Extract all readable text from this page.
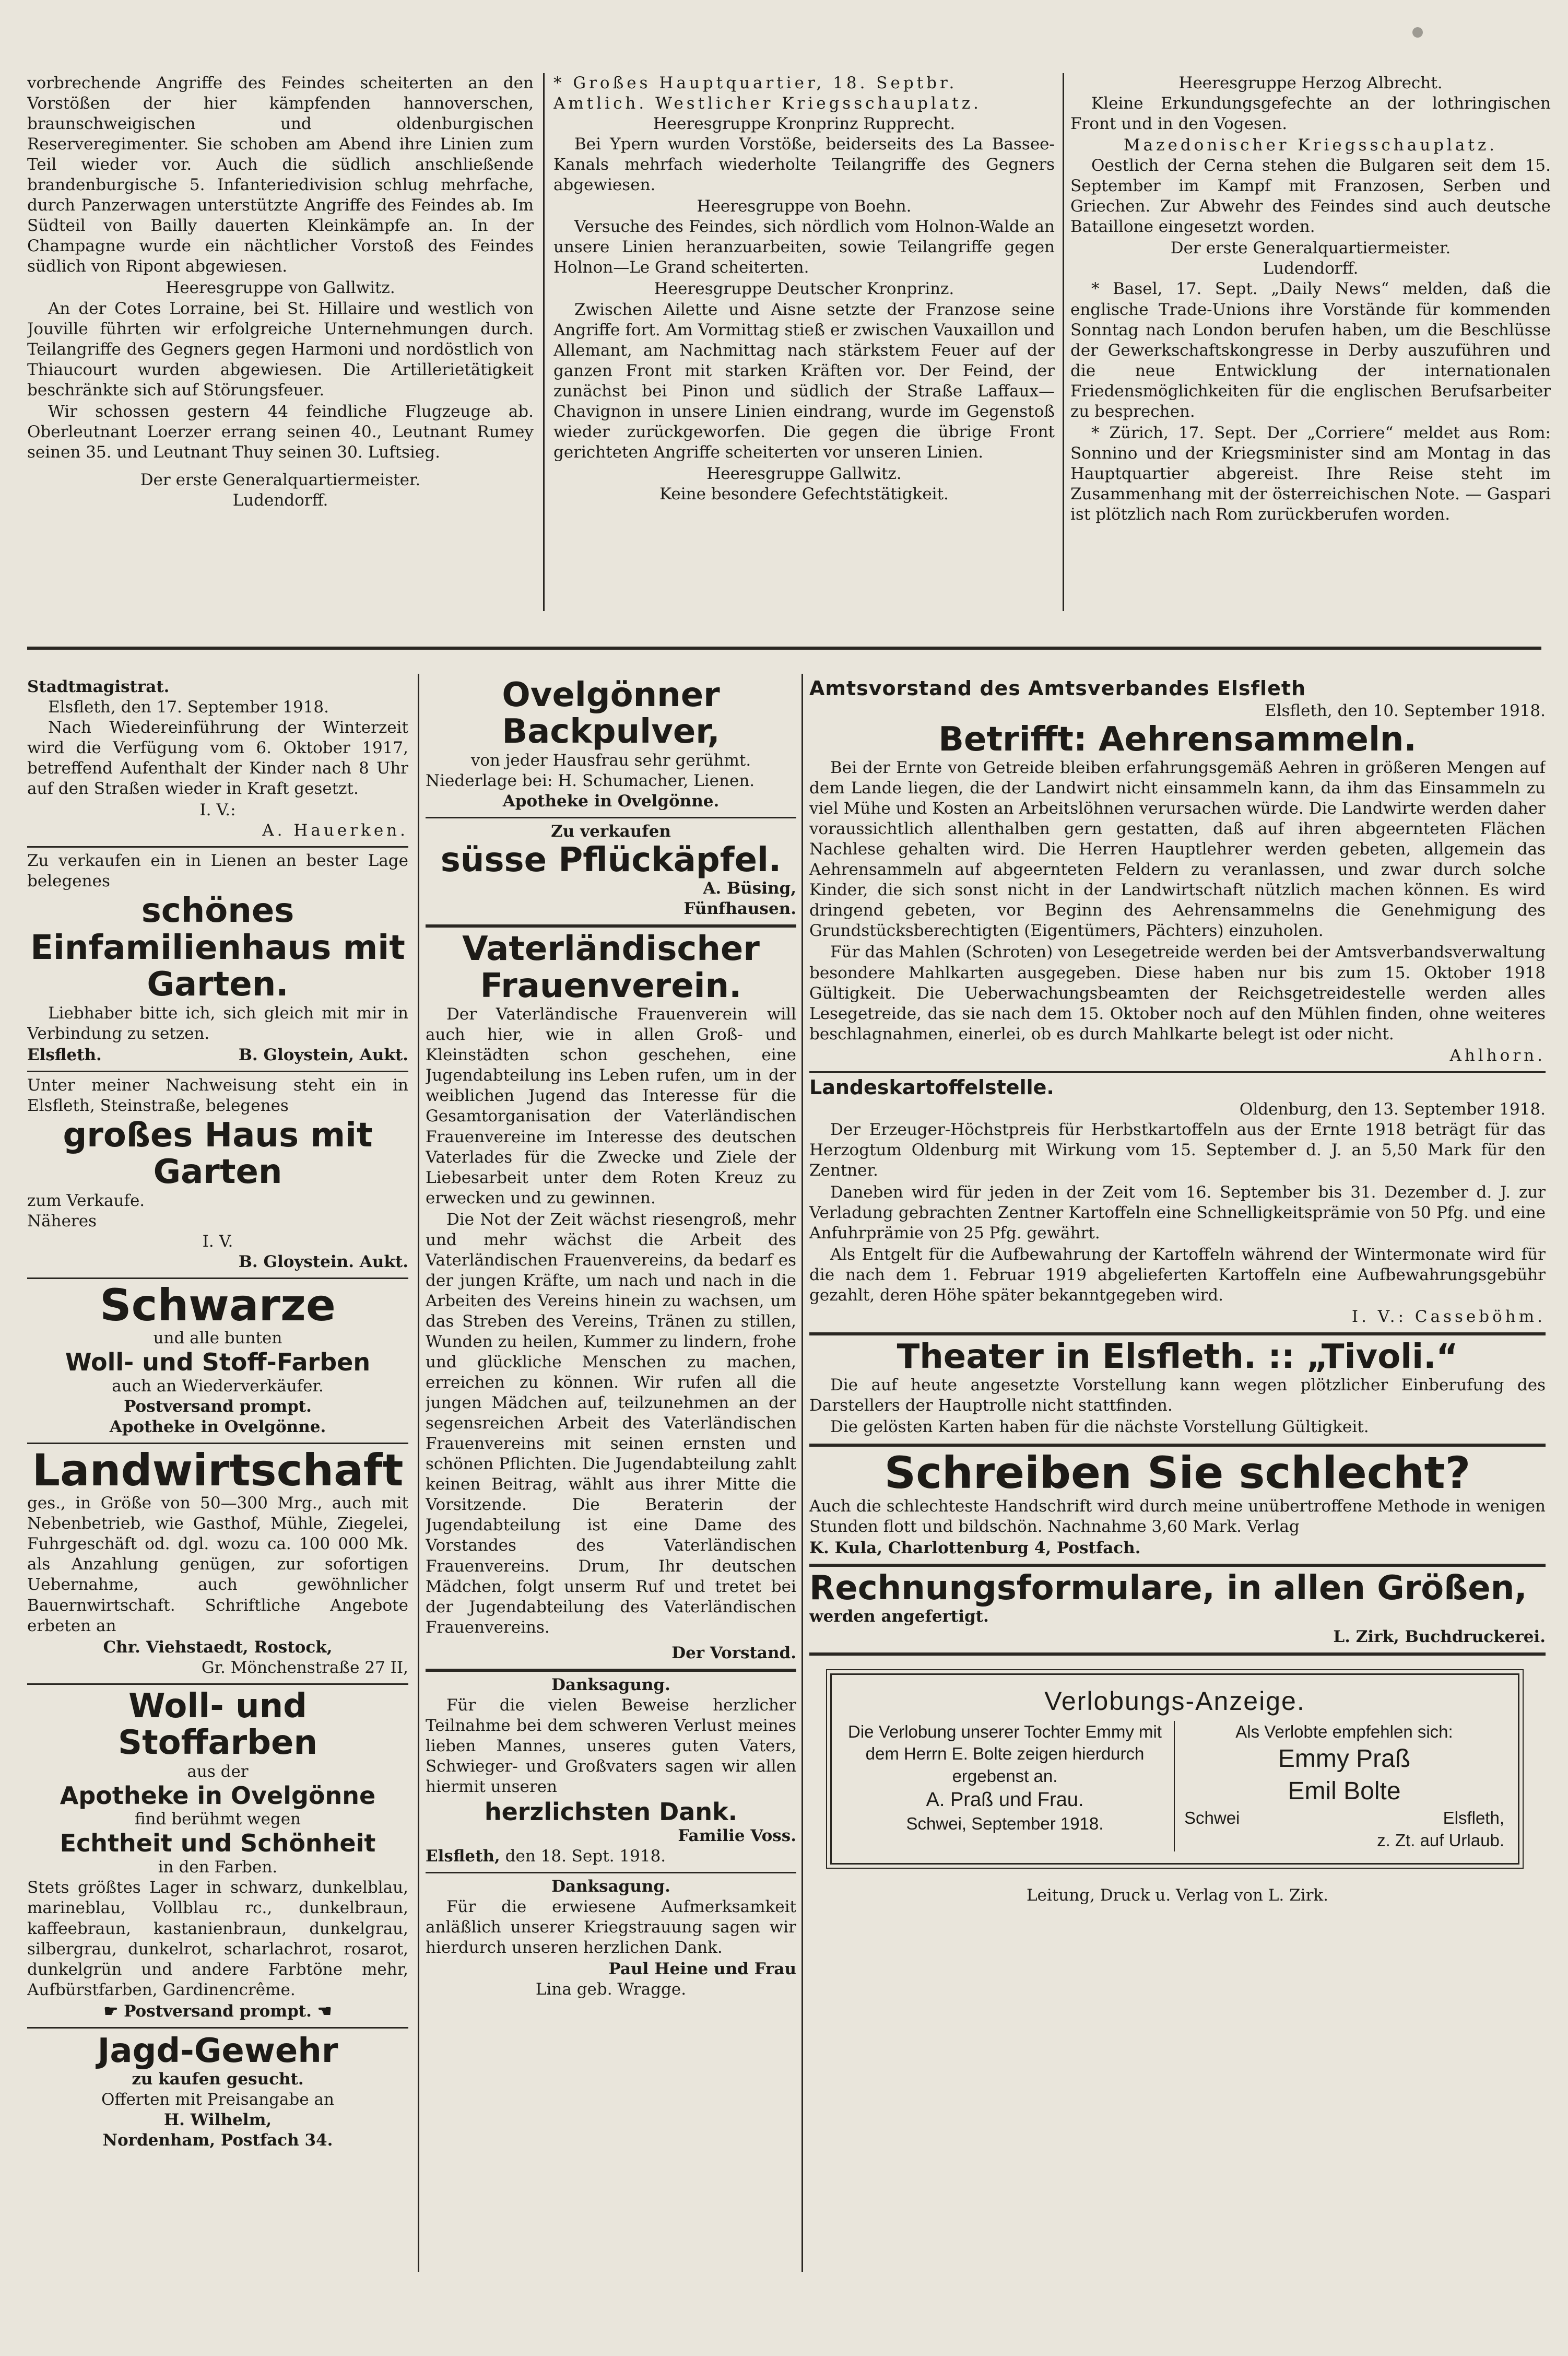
vorbrechende Angriffe des Feindes scheiterten an den Vorstößen der hier kämpfenden hannoverschen, braunschweigischen und oldenburgischen Reserveregimenter. Sie schoben am Abend ihre Linien zum Teil wieder vor. Auch die südlich anschließende brandenburgische 5. Infanteriedivision schlug mehrfache, durch Panzerwagen unterstützte Angriffe des Feindes ab. Im Südteil von Bailly dauerten Kleinkämpfe an. In der Champagne wurde ein nächtlicher Vorstoß des Feindes südlich von Ripont abgewiesen.

Heeresgruppe von Gallwitz.

An der Cotes Lorraine, bei St. Hillaire und westlich von Jouville führten wir erfolgreiche Unternehmungen durch. Teilangriffe des Gegners gegen Harmoni und nordöstlich von Thiaucourt wurden abgewiesen. Die Artillerietätigkeit beschränkte sich auf Störungsfeuer.

Wir schossen gestern 44 feindliche Flugzeuge ab. Oberleutnant Loerzer errang seinen 40., Leutnant Rumey seinen 35. und Leutnant Thuy seinen 30. Luftsieg.

Der erste Generalquartiermeister.

Ludendorff.

* Großes Hauptquartier, 18. Septbr.

Amtlich. Westlicher Kriegsschauplatz.

Heeresgruppe Kronprinz Rupprecht.

Bei Ypern wurden Vorstöße, beiderseits des La Bassee-Kanals mehrfach wiederholte Teilangriffe des Gegners abgewiesen.

Heeresgruppe von Boehn.

Versuche des Feindes, sich nördlich vom Holnon-Walde an unsere Linien heranzuarbeiten, sowie Teilangriffe gegen Holnon—Le Grand scheiterten.

Heeresgruppe Deutscher Kronprinz.

Zwischen Ailette und Aisne setzte der Franzose seine Angriffe fort. Am Vormittag stieß er zwischen Vauxaillon und Allemant, am Nachmittag nach stärkstem Feuer auf der ganzen Front mit starken Kräften vor. Der Feind, der zunächst bei Pinon und südlich der Straße Laffaux—Chavignon in unsere Linien eindrang, wurde im Gegenstoß wieder zurückgeworfen. Die gegen die übrige Front gerichteten Angriffe scheiterten vor unseren Linien.

Heeresgruppe Gallwitz.

Keine besondere Gefechtstätigkeit.

Heeresgruppe Herzog Albrecht.

Kleine Erkundungsgefechte an der lothringischen Front und in den Vogesen.

Mazedonischer Kriegsschauplatz.

Oestlich der Cerna stehen die Bulgaren seit dem 15. September im Kampf mit Franzosen, Serben und Griechen. Zur Abwehr des Feindes sind auch deutsche Bataillone eingesetzt worden.

Der erste Generalquartiermeister.

Ludendorff.

* Basel, 17. Sept. „Daily News“ melden, daß die englische Trade-Unions ihre Vorstände für kommenden Sonntag nach London berufen haben, um die Beschlüsse der Gewerkschaftskongresse in Derby auszuführen und die neue Entwicklung der internationalen Friedensmöglichkeiten für die englischen Berufsarbeiter zu besprechen.

* Zürich, 17. Sept. Der „Corriere“ meldet aus Rom: Sonnino und der Kriegsminister sind am Montag in das Hauptquartier abgereist. Ihre Reise steht im Zusammenhang mit der österreichischen Note. — Gaspari ist plötzlich nach Rom zurückberufen worden.

Stadtmagistrat.

Elsfleth, den 17. September 1918.

Nach Wiedereinführung der Winterzeit wird die Verfügung vom 6. Oktober 1917, betreffend Aufenthalt der Kinder nach 8 Uhr auf den Straßen wieder in Kraft gesetzt.

I. V.:

A. Hauerken.

Zu verkaufen ein in Lienen an bester Lage belegenes

schönes Einfamilienhaus mit Garten.

Liebhaber bitte ich, sich gleich mit mir in Verbindung zu setzen.

Elsfleth.	B. Gloystein, Aukt.

Unter meiner Nachweisung steht ein in Elsfleth, Steinstraße, belegenes

großes Haus mit Garten

zum Verkaufe.

Näheres

I. V.

B. Gloystein. Aukt.

Schwarze

und alle bunten

Woll- und Stoff-Farben

auch an Wiederverkäufer.

Postversand prompt.

Apotheke in Ovelgönne.

Landwirtschaft

ges., in Größe von 50—300 Mrg., auch mit Nebenbetrieb, wie Gasthof, Mühle, Ziegelei, Fuhrgeschäft od. dgl. wozu ca. 100 000 Mk. als Anzahlung genügen, zur sofortigen Uebernahme, auch gewöhnlicher Bauernwirtschaft. Schriftliche Angebote erbeten an

Chr. Viehstaedt, Rostock,

Gr. Mönchenstraße 27 II,

Woll- und Stoffarben

aus der

Apotheke in Ovelgönne

find berühmt wegen

Echtheit und Schönheit

in den Farben.

Stets größtes Lager in schwarz, dunkelblau, marineblau, Vollblau rc., dunkelbraun, kaffeebraun, kastanienbraun, dunkelgrau, silbergrau, dunkelrot, scharlachrot, rosarot, dunkelgrün und andere Farbtöne mehr, Aufbürstfarben, Gardinencrême.

☛ Postversand prompt. ☚

Jagd-Gewehr

zu kaufen gesucht.

Offerten mit Preisangabe an

H. Wilhelm,

Nordenham, Postfach 34.

Ovelgönner Backpulver,

von jeder Hausfrau sehr gerühmt.

Niederlage bei: H. Schumacher, Lienen.

Apotheke in Ovelgönne.

Zu verkaufen

süsse Pflückäpfel.

A. Büsing,

Fünfhausen.

Vaterländischer

Frauenverein.

Der Vaterländische Frauenverein will auch hier, wie in allen Groß- und Kleinstädten schon geschehen, eine Jugendabteilung ins Leben rufen, um in der weiblichen Jugend das Interesse für die Gesamtorganisation der Vaterländischen Frauenvereine im Interesse des deutschen Vaterlades für die Zwecke und Ziele der Liebesarbeit unter dem Roten Kreuz zu erwecken und zu gewinnen.

Die Not der Zeit wächst riesengroß, mehr und mehr wächst die Arbeit des Vaterländischen Frauenvereins, da bedarf es der jungen Kräfte, um nach und nach in die Arbeiten des Vereins hinein zu wachsen, um das Streben des Vereins, Tränen zu stillen, Wunden zu heilen, Kummer zu lindern, frohe und glückliche Menschen zu machen, erreichen zu können. Wir rufen all die jungen Mädchen auf, teilzunehmen an der segensreichen Arbeit des Vaterländischen Frauenvereins mit seinen ernsten und schönen Pflichten. Die Jugendabteilung zahlt keinen Beitrag, wählt aus ihrer Mitte die Vorsitzende. Die Beraterin der Jugendabteilung ist eine Dame des Vorstandes des Vaterländischen Frauenvereins. Drum, Ihr deutschen Mädchen, folgt unserm Ruf und tretet bei der Jugendabteilung des Vaterländischen Frauenvereins.

Der Vorstand.

Danksagung.

Für die vielen Beweise herzlicher Teilnahme bei dem schweren Verlust meines lieben Mannes, unseres guten Vaters, Schwieger- und Großvaters sagen wir allen hiermit unseren

herzlichsten Dank.

Familie Voss.

Elsfleth, den 18. Sept. 1918.

Danksagung.

Für die erwiesene Aufmerksamkeit anläßlich unserer Kriegstrauung sagen wir hierdurch unseren herzlichen Dank.

Paul Heine und Frau

Lina geb. Wragge.

Amtsvorstand des Amtsverbandes Elsfleth

Elsfleth, den 10. September 1918.

Betrifft: Aehrensammeln.

Bei der Ernte von Getreide bleiben erfahrungsgemäß Aehren in größeren Mengen auf dem Lande liegen, die der Landwirt nicht einsammeln kann, da ihm das Einsammeln zu viel Mühe und Kosten an Arbeitslöhnen verursachen würde. Die Landwirte werden daher voraussichtlich allenthalben gern gestatten, daß auf ihren abgeernteten Flächen Nachlese gehalten wird. Die Herren Hauptlehrer werden gebeten, allgemein das Aehrensammeln auf abgeernteten Feldern zu veranlassen, und zwar durch solche Kinder, die sich sonst nicht in der Landwirtschaft nützlich machen können. Es wird dringend gebeten, vor Beginn des Aehrensammelns die Genehmigung des Grundstücksberechtigten (Eigentümers, Pächters) einzuholen.

Für das Mahlen (Schroten) von Lesegetreide werden bei der Amtsverbandsverwaltung besondere Mahlkarten ausgegeben. Diese haben nur bis zum 15. Oktober 1918 Gültigkeit. Die Ueberwachungsbeamten der Reichsgetreidestelle werden alles Lesegetreide, das sie nach dem 15. Oktober noch auf den Mühlen finden, ohne weiteres beschlagnahmen, einerlei, ob es durch Mahlkarte belegt ist oder nicht.

Ahlhorn.

Landeskartoffelstelle.

Oldenburg, den 13. September 1918.

Der Erzeuger-Höchstpreis für Herbstkartoffeln aus der Ernte 1918 beträgt für das Herzogtum Oldenburg mit Wirkung vom 15. September d. J. an 5,50 Mark für den Zentner.

Daneben wird für jeden in der Zeit vom 16. September bis 31. Dezember d. J. zur Verladung gebrachten Zentner Kartoffeln eine Schnelligkeitsprämie von 50 Pfg. und eine Anfuhrprämie von 25 Pfg. gewährt.

Als Entgelt für die Aufbewahrung der Kartoffeln während der Wintermonate wird für die nach dem 1. Februar 1919 abgelieferten Kartoffeln eine Aufbewahrungsgebühr gezahlt, deren Höhe später bekanntgegeben wird.

I. V.: Casseböhm.

Theater in Elsfleth. :: „Tivoli.“

Die auf heute angesetzte Vorstellung kann wegen plötzlicher Einberufung des Darstellers der Hauptrolle nicht stattfinden.

Die gelösten Karten haben für die nächste Vorstellung Gültigkeit.

Schreiben Sie schlecht?

Auch die schlechteste Handschrift wird durch meine unübertroffene Methode in wenigen Stunden flott und bildschön. Nachnahme 3,60 Mark. Verlag

K. Kula, Charlottenburg 4, Postfach.

Rechnungsformulare, in allen Größen,

werden angefertigt.

L. Zirk, Buchdruckerei.

Verlobungs-Anzeige.

Die Verlobung unserer Tochter Emmy mit dem Herrn E. Bolte zeigen hierdurch ergebenst an.

A. Praß und Frau.

Schwei, September 1918.

Als Verlobte empfehlen sich:

Emmy Praß

Emil Bolte

Schwei	Elsfleth,

z. Zt. auf Urlaub.

Leitung, Druck u. Verlag von L. Zirk.
